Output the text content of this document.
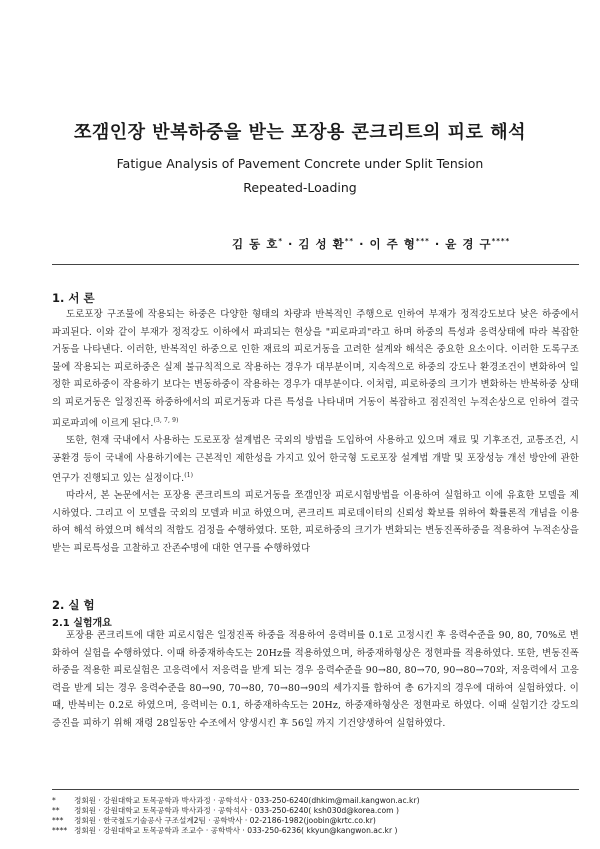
쪼갬인장 반복하중을 받는 포장용 콘크리트의 피로 해석
Fatigue Analysis of Pavement Concrete under Split Tension
Repeated-Loading
김 동 호* · 김 성 환** · 이 주 형*** · 윤 경 구****
1. 서 론
도로포장 구조물에 작용되는 하중은 다양한 형태의 차량과 반복적인 주행으로 인하여 부재가 정적강도보다 낮은 하중에서 파괴된다. 이와 같이 부재가 정적강도 이하에서 파괴되는 현상을 "피로파괴"라고 하며 하중의 특성과 응력상태에 따라 복잡한 거동을 나타낸다. 이러한, 반복적인 하중으로 인한 재료의 피로거동을 고려한 설계와 해석은 중요한 요소이다. 이러한 도록구조물에 작용되는 피로하중은 실제 불규칙적으로 작용하는 경우가 대부분이며, 지속적으로 하중의 강도나 환경조건이 변화하여 일정한 피로하중이 작용하기 보다는 변동하중이 작용하는 경우가 대부분이다. 이처럼, 피로하중의 크기가 변화하는 반복하중 상태의 피로거동은 일정진폭 하중하에서의 피로거동과 다른 특성을 나타내며 거동이 복잡하고 점진적인 누적손상으로 인하여 결국 피로파괴에 이르게 된다.$^{(3, 7, 9)}$
또한, 현재 국내에서 사용하는 도로포장 설계법은 국외의 방법을 도입하여 사용하고 있으며 재료 및 기후조건, 교통조건, 시공환경 등이 국내에 사용하기에는 근본적인 제한성을 가지고 있어 한국형 도로포장 설계법 개발 및 포장성능 개선 방안에 관한 연구가 진행되고 있는 실정이다.$^{(1)}$
따라서, 본 논문에서는 포장용 콘크리트의 피로거동을 쪼갬인장 피로시험방법을 이용하여 실험하고 이에 유효한 모델을 제시하였다. 그리고 이 모델을 국외의 모델과 비교 하였으며, 콘크리트 피로데이터의 신뢰성 확보를 위하여 확률론적 개념을 이용하여 해석 하였으며 해석의 적합도 검정을 수행하였다. 또한, 피로하중의 크기가 변화되는 변동진폭하중을 적용하여 누적손상을 받는 피로특성을 고찰하고 잔존수명에 대한 연구를 수행하였다
2. 실 험
2.1 실험개요
포장용 콘크리트에 대한 피로시험은 일정진폭 하중을 적용하여 응력비를 0.1로 고정시킨 후 응력수준을 90, 80, 70%로 변화하여 실험을 수행하였다. 이때 하중재하속도는 20Hz를 적용하였으며, 하중재하형상은 정현파를 적용하였다. 또한, 변동진폭 하중을 적용한 피로실험은 고응력에서 저응력을 받게 되는 경우 응력수준을 90→80, 80→70, 90→80→70와, 저응력에서 고응력을 받게 되는 경우 응력수준을 80→90, 70→80, 70→80→90의 세가지를 합하여 총 6가지의 경우에 대하여 실험하였다. 이때, 반복비는 0.2로 하였으며, 응력비는 0.1, 하중재하속도는 20Hz, 하중재하형상은 정현파로 하였다. 이때 실험기간 강도의 증진을 피하기 위해 재령 28일동안 수조에서 양생시킨 후 56일 까지 기건양생하여 실험하였다.
* 정회원 · 강원대학교 토목공학과 박사과정 · 공학석사 · 033-250-6240(dhkim@mail.kangwon.ac.kr)
** 정회원 · 강원대학교 토목공학과 박사과정 · 공학석사 · 033-250-6240( ksh030d@korea.com )
*** 정회원 · 한국철도기술공사 구조설계2팀 · 공학박사 · 02-2186-1982(joobin@krtc.co.kr)
**** 정회원 · 강원대학교 토목공학과 조교수 · 공학박사 · 033-250-6236( kkyun@kangwon.ac.kr )
